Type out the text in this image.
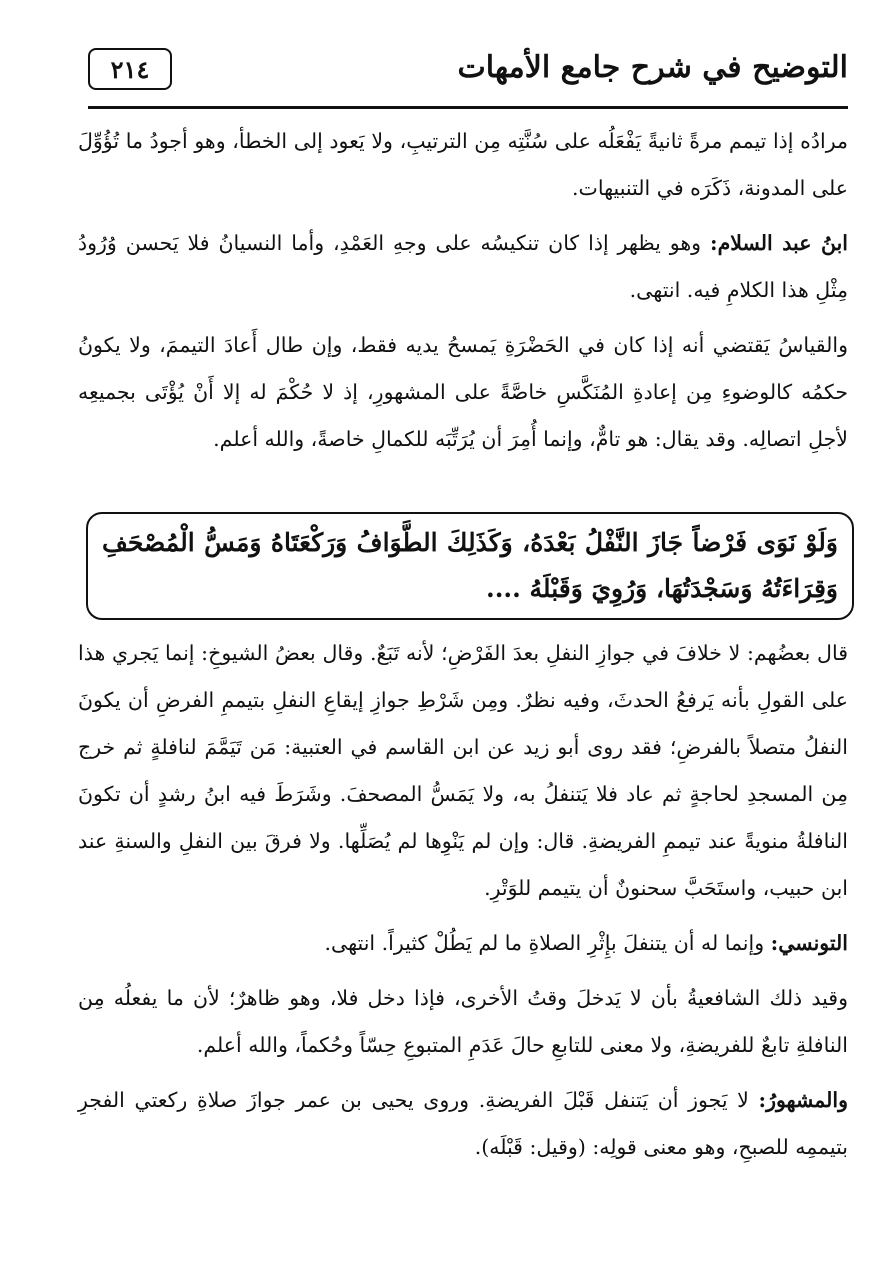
٢١٤	التوضيح في شرح جامع الأمهات

مرادُه إذا تيمم مرةً ثانيةً يَفْعَلُه على سُنَّتِه مِن الترتيبِ، ولا يَعود إلى الخطأ، وهو أجودُ ما تُؤُوِّلَ على المدونة، ذَكَرَه في التنبيهات.

ابنُ عبد السلام: وهو يظهر إذا كان تنكيسُه على وجهِ العَمْدِ، وأما النسيانُ فلا يَحسن وُرُودُ مِثْلِ هذا الكلامِ فيه. انتهى.

والقياسُ يَقتضي أنه إذا كان في الحَضْرَةِ يَمسحُ يديه فقط، وإن طال أَعادَ التيممَ، ولا يكونُ حكمُه كالوضوءِ مِن إعادةِ المُنَكَّسِ خاصَّةً على المشهورِ، إذ لا حُكْمَ له إلا أَنْ يُؤْتَى بجميعِه لأجلِ اتصالِه. وقد يقال: هو تامٌّ، وإنما أُمِرَ أن يُرَتِّبَه للكمالِ خاصةً، والله أعلم.

وَلَوْ نَوَى فَرْضاً جَازَ النَّفْلُ بَعْدَهُ، وَكَذَلِكَ الطَّوَافُ وَرَكْعَتَاهُ وَمَسُّ الْمُصْحَفِ وَقِرَاءَتُهُ وَسَجْدَتُهَا، وَرُوِيَ وَقَبْلَهُ ....

قال بعضُهم: لا خلافَ في جوازِ النفلِ بعدَ الفَرْضِ؛ لأنه تَبَعٌ. وقال بعضُ الشيوخِ: إنما يَجري هذا على القولِ بأنه يَرفعُ الحدثَ، وفيه نظرٌ. ومِن شَرْطِ جوازِ إيقاعِ النفلِ بتيممِ الفرضِ أن يكونَ النفلُ متصلاً بالفرضِ؛ فقد روى أبو زيد عن ابن القاسم في العتبية: مَن تَيَمَّمَ لنافلةٍ ثم خرج مِن المسجدِ لحاجةٍ ثم عاد فلا يَتنفلُ به، ولا يَمَسُّ المصحفَ. وشَرَطَ فيه ابنُ رشدٍ أن تكونَ النافلةُ منويةً عند تيممِ الفريضةِ. قال: وإن لم يَنْوِها لم يُصَلِّها. ولا فرقَ بين النفلِ والسنةِ عند ابن حبيب، واستَحَبَّ سحنونٌ أن يتيمم للوَتْرِ.

التونسي: وإنما له أن يتنفلَ بإِثْرِ الصلاةِ ما لم يَطُلْ كثيراً. انتهى.

وقيد ذلك الشافعيةُ بأن لا يَدخلَ وقتُ الأخرى، فإذا دخل فلا، وهو ظاهرٌ؛ لأن ما يفعلُه مِن النافلةِ تابعٌ للفريضةِ، ولا معنى للتابعِ حالَ عَدَمِ المتبوعِ حِسّاً وحُكماً، والله أعلم.

والمشهورُ: لا يَجوز أن يَتنفل قَبْلَ الفريضةِ. وروى يحيى بن عمر جوازَ صلاةِ ركعتي الفجرِ بتيممِه للصبحِ، وهو معنى قولِه: (وقيل: قَبْلَه).
